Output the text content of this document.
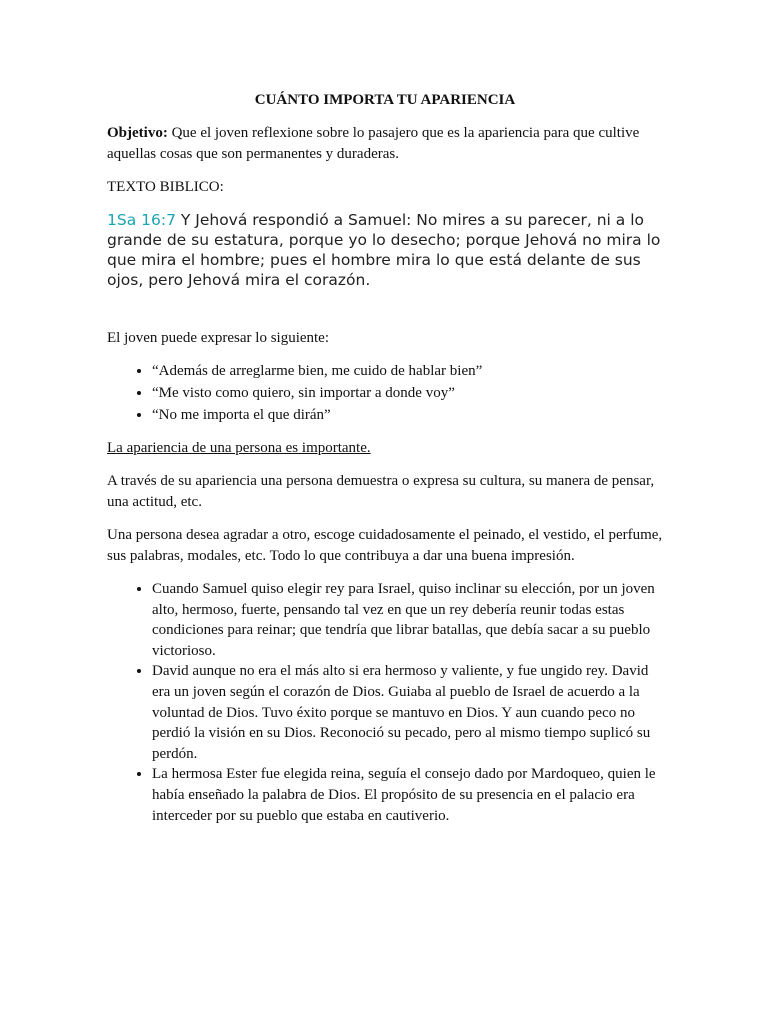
CUÁNTO IMPORTA TU APARIENCIA

Objetivo: Que el joven reflexione sobre lo pasajero que es la apariencia para que cultive aquellas cosas que son permanentes y duraderas.

TEXTO BIBLICO:

1Sa 16:7 Y Jehová respondió a Samuel: No mires a su parecer, ni a lo grande de su estatura, porque yo lo desecho; porque Jehová no mira lo que mira el hombre; pues el hombre mira lo que está delante de sus ojos, pero Jehová mira el corazón.

El joven puede expresar lo siguiente:

• “Además de arreglarme bien, me cuido de hablar bien”
• “Me visto como quiero, sin importar a donde voy”
• “No me importa el que dirán”

La apariencia de una persona es importante.

A través de su apariencia una persona demuestra o expresa su cultura, su manera de pensar, una actitud, etc.

Una persona desea agradar a otro, escoge cuidadosamente el peinado, el vestido, el perfume, sus palabras, modales, etc. Todo lo que contribuya a dar una buena impresión.

• Cuando Samuel quiso elegir rey para Israel, quiso inclinar su elección, por un joven alto, hermoso, fuerte, pensando tal vez en que un rey debería reunir todas estas condiciones para reinar; que tendría que librar batallas, que debía sacar a su pueblo victorioso.
• David aunque no era el más alto si era hermoso y valiente, y fue ungido rey. David era un joven según el corazón de Dios. Guiaba al pueblo de Israel de acuerdo a la voluntad de Dios. Tuvo éxito porque se mantuvo en Dios. Y aun cuando peco no perdió la visión en su Dios. Reconoció su pecado, pero al mismo tiempo suplicó su perdón.
• La hermosa Ester fue elegida reina, seguía el consejo dado por Mardoqueo, quien le había enseñado la palabra de Dios. El propósito de su presencia en el palacio era interceder por su pueblo que estaba en cautiverio.
